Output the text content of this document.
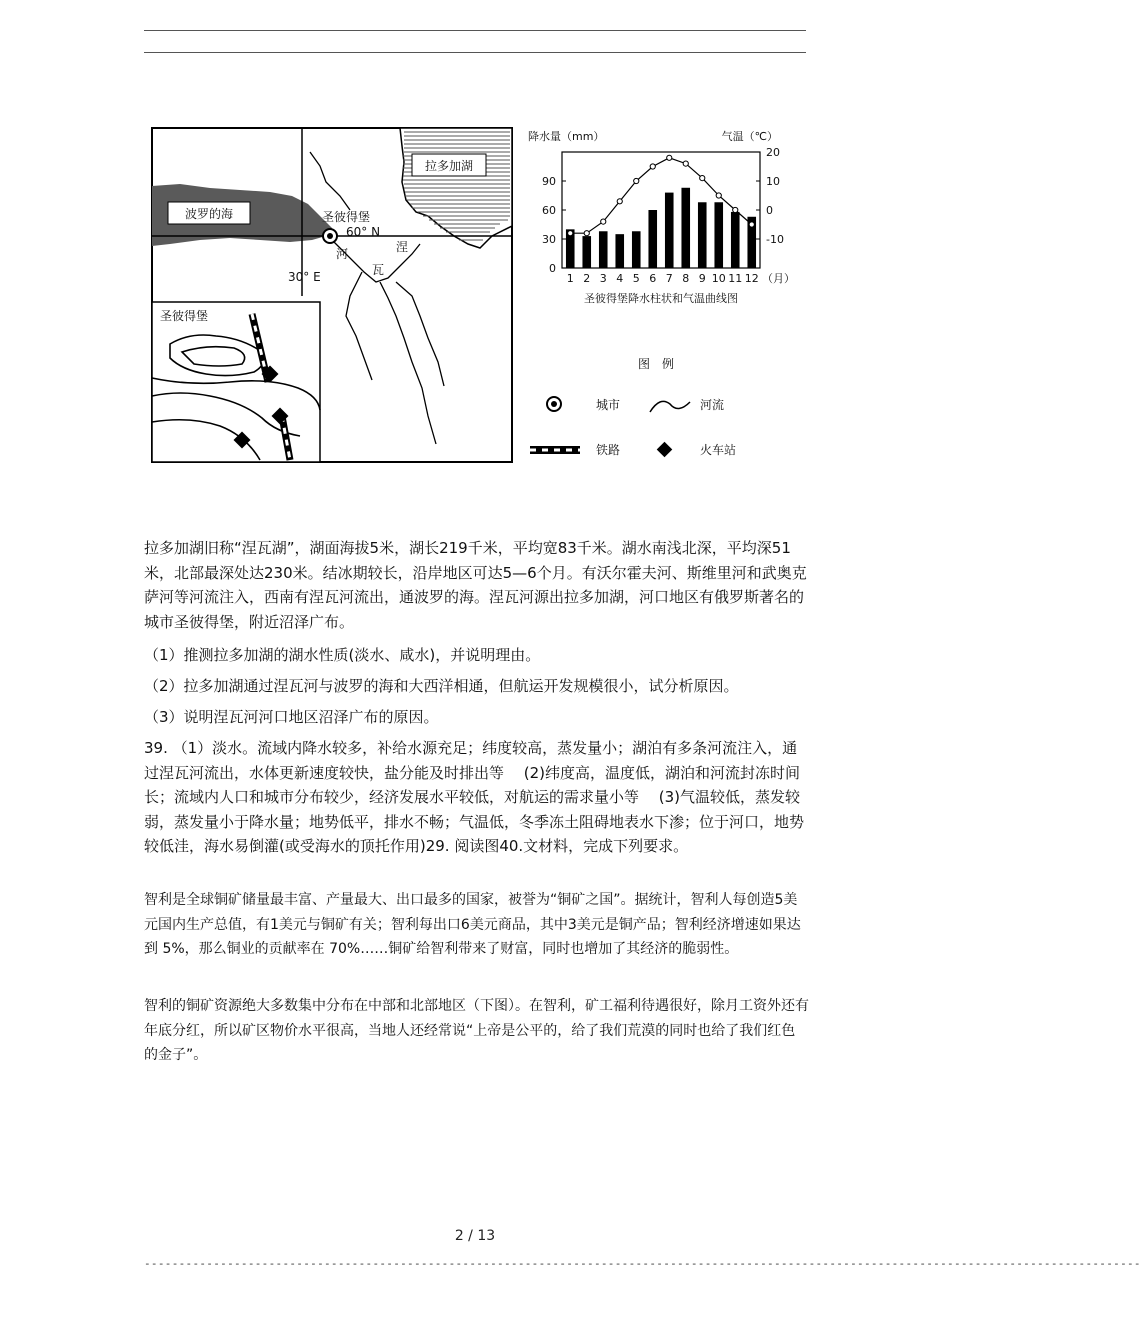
拉多加湖
波罗的海	圣彼得堡
60° N
30° E
涅
瓦
河
圣彼得堡
降水量（mm）	气温（℃）
0
30
60
90
-10
0
10
20
1 2 3 4 5 6 7 8 9 10 11 12 （月）
圣彼得堡降水柱状和气温曲线图
图　例
城市	河流
铁路	火车站

拉多加湖旧称“涅瓦湖”，湖面海拔5米，湖长219千米，平均宽83千米。湖水南浅北深，平均深51米，北部最深处达230米。结冰期较长，沿岸地区可达5—6个月。有沃尔霍夫河、斯维里河和武奥克萨河等河流注入，西南有涅瓦河流出，通波罗的海。涅瓦河源出拉多加湖，河口地区有俄罗斯著名的城市圣彼得堡，附近沼泽广布。

（1）推测拉多加湖的湖水性质(淡水、咸水)，并说明理由。

（2）拉多加湖通过涅瓦河与波罗的海和大西洋相通，但航运开发规模很小，试分析原因。

（3）说明涅瓦河河口地区沼泽广布的原因。

39. （1）淡水。流域内降水较多，补给水源充足；纬度较高，蒸发量小；湖泊有多条河流注入，通过涅瓦河流出，水体更新速度较快，盐分能及时排出等　 (2)纬度高，温度低，湖泊和河流封冻时间长；流域内人口和城市分布较少，经济发展水平较低，对航运的需求量小等　 (3)气温较低，蒸发较弱，蒸发量小于降水量；地势低平，排水不畅；气温低，冬季冻土阻碍地表水下渗；位于河口，地势较低洼，海水易倒灌(或受海水的顶托作用)29. 阅读图40.文材料，完成下列要求。

智利是全球铜矿储量最丰富、产量最大、出口最多的国家，被誉为“铜矿之国”。据统计，智利人每创造5美元国内生产总值，有1美元与铜矿有关；智利每出口6美元商品，其中3美元是铜产品；智利经济增速如果达到 5%，那么铜业的贡献率在 70%……铜矿给智利带来了财富，同时也增加了其经济的脆弱性。

智利的铜矿资源绝大多数集中分布在中部和北部地区（下图）。在智利，矿工福利待遇很好，除月工资外还有年底分红，所以矿区物价水平很高，当地人还经常说“上帝是公平的，给了我们荒漠的同时也给了我们红色的金子”。

2 / 13
------------------------------------------------------------------------------------------------------------------------------------------------
